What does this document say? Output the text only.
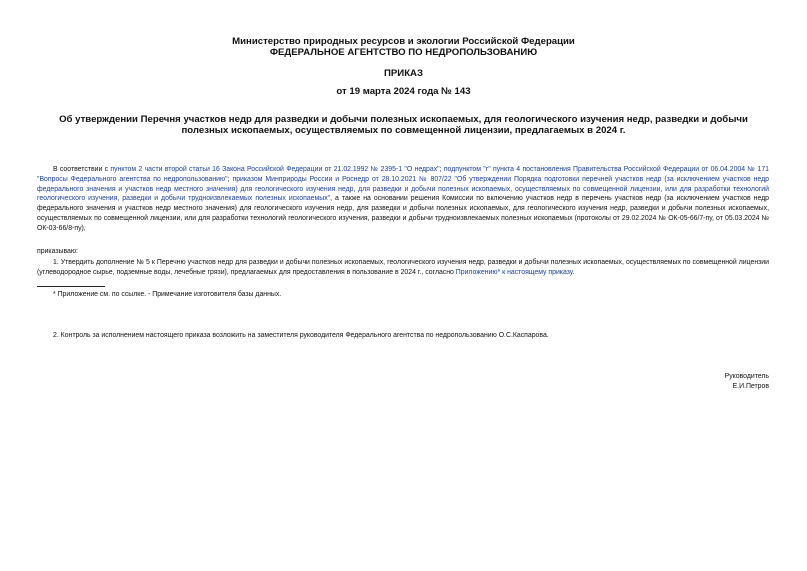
Министерство природных ресурсов и экологии Российской Федерации
ФЕДЕРАЛЬНОЕ АГЕНТСТВО ПО НЕДРОПОЛЬЗОВАНИЮ
ПРИКАЗ
от 19 марта 2024 года № 143
Об утверждении Перечня участков недр для разведки и добычи полезных ископаемых, для геологического изучения недр, разведки и добычи полезных ископаемых, осуществляемых по совмещенной лицензии, предлагаемых в 2024 г.

В соответствии с пунктом 2 части второй статьи 16 Закона Российской Федерации от 21.02.1992 № 2395-1 "О недрах"; подпунктом "г" пункта 4 постановления Правительства Российской Федерации от 06.04.2004 № 171 "Вопросы Федерального агентства по недропользованию"; приказом Минприроды России и Роснедр от 28.10.2021 № 807/22 "Об утверждении Порядка подготовки перечней участков недр (за исключением участков недр федерального значения и участков недр местного значения) для геологического изучения недр, для разведки и добычи полезных ископаемых, осуществляемых по совмещенной лицензии, или для разработки технологий геологического изучения, разведки и добычи трудноизвлекаемых полезных ископаемых", а также на основании решения Комиссии по включению участков недр в перечень участков недр (за исключением участков недр федерального значения и участков недр местного значения) для геологического изучения недр, для разведки и добычи полезных ископаемых, для геологического изучения недр, разведки и добычи полезных ископаемых, осуществляемых по совмещенной лицензии, или для разработки технологий геологического изучения, разведки и добычи трудноизвлекаемых полезных ископаемых (протоколы от 29.02.2024 № ОК-05-66/7-пу, от 05.03.2024 № ОК-03-66/8-пу),

приказываю:

1. Утвердить дополнение № 5 к Перечню участков недр для разведки и добычи полезных ископаемых, геологического изучения недр, разведки и добычи полезных ископаемых, осуществляемых по совмещенной лицензии (углеводородное сырье, подземные воды, лечебные грязи), предлагаемых для предоставления в пользование в 2024 г., согласно Приложению* к настоящему приказу.

* Приложение см. по ссылке. - Примечание изготовителя базы данных.

2. Контроль за исполнением настоящего приказа возложить на заместителя руководителя Федерального агентства по недропользованию О.С.Каспарова.

Руководитель
Е.И.Петров
